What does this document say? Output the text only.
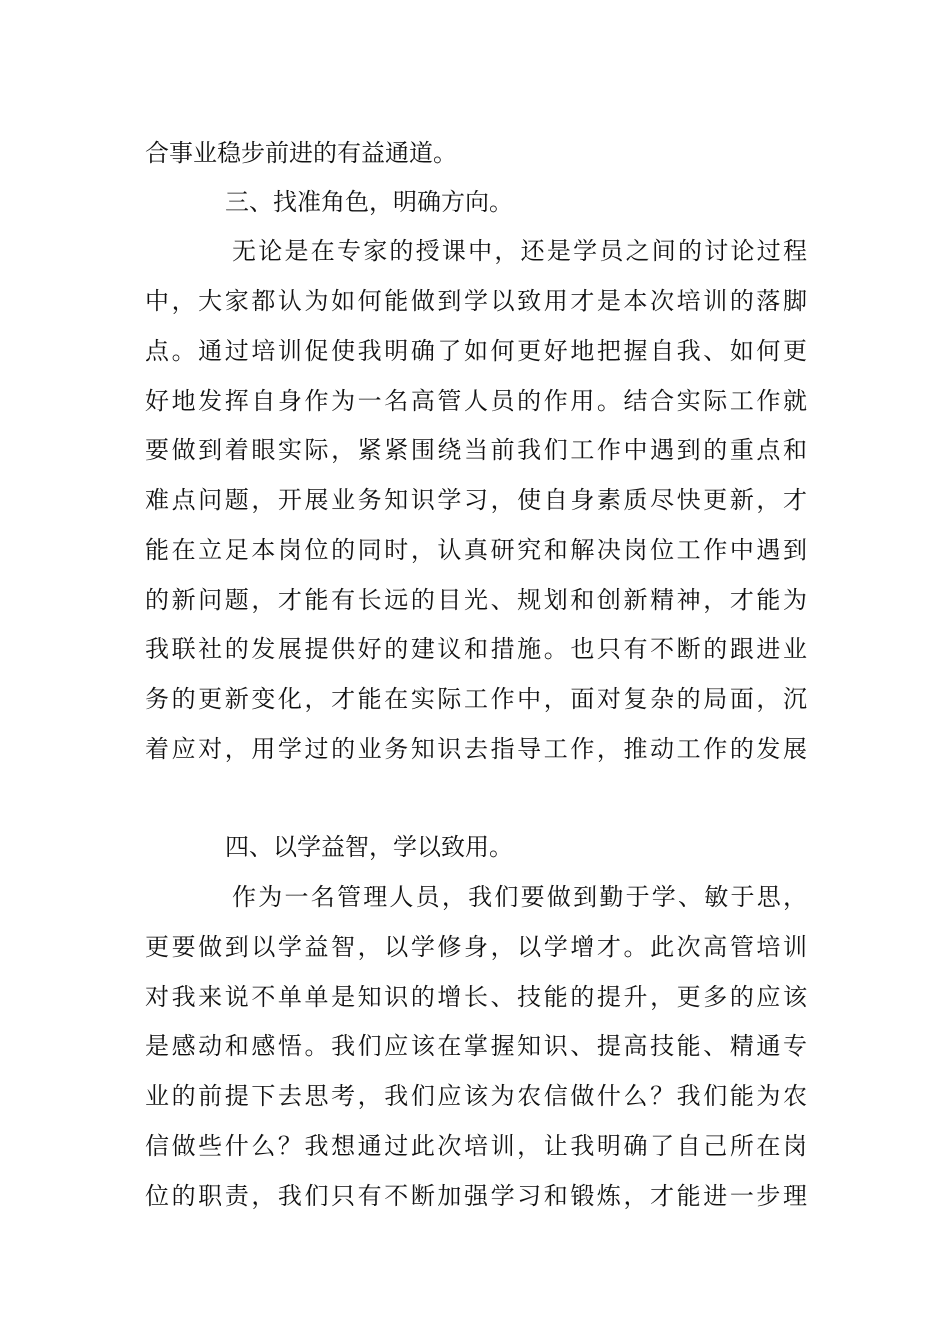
合事业稳步前进的有益通道。
三、找准角色，明确方向。
无论是在专家的授课中，还是学员之间的讨论过程
中，大家都认为如何能做到学以致用才是本次培训的落脚
点。通过培训促使我明确了如何更好地把握自我、如何更
好地发挥自身作为一名高管人员的作用。结合实际工作就
要做到着眼实际，紧紧围绕当前我们工作中遇到的重点和
难点问题，开展业务知识学习，使自身素质尽快更新，才
能在立足本岗位的同时，认真研究和解决岗位工作中遇到
的新问题，才能有长远的目光、规划和创新精神，才能为
我联社的发展提供好的建议和措施。也只有不断的跟进业
务的更新变化，才能在实际工作中，面对复杂的局面，沉
着应对，用学过的业务知识去指导工作，推动工作的发展
四、以学益智，学以致用。
作为一名管理人员，我们要做到勤于学、敏于思，
更要做到以学益智，以学修身，以学增才。此次高管培训
对我来说不单单是知识的增长、技能的提升，更多的应该
是感动和感悟。我们应该在掌握知识、提高技能、精通专
业的前提下去思考，我们应该为农信做什么？我们能为农
信做些什么？我想通过此次培训，让我明确了自己所在岗
位的职责，我们只有不断加强学习和锻炼，才能进一步理
